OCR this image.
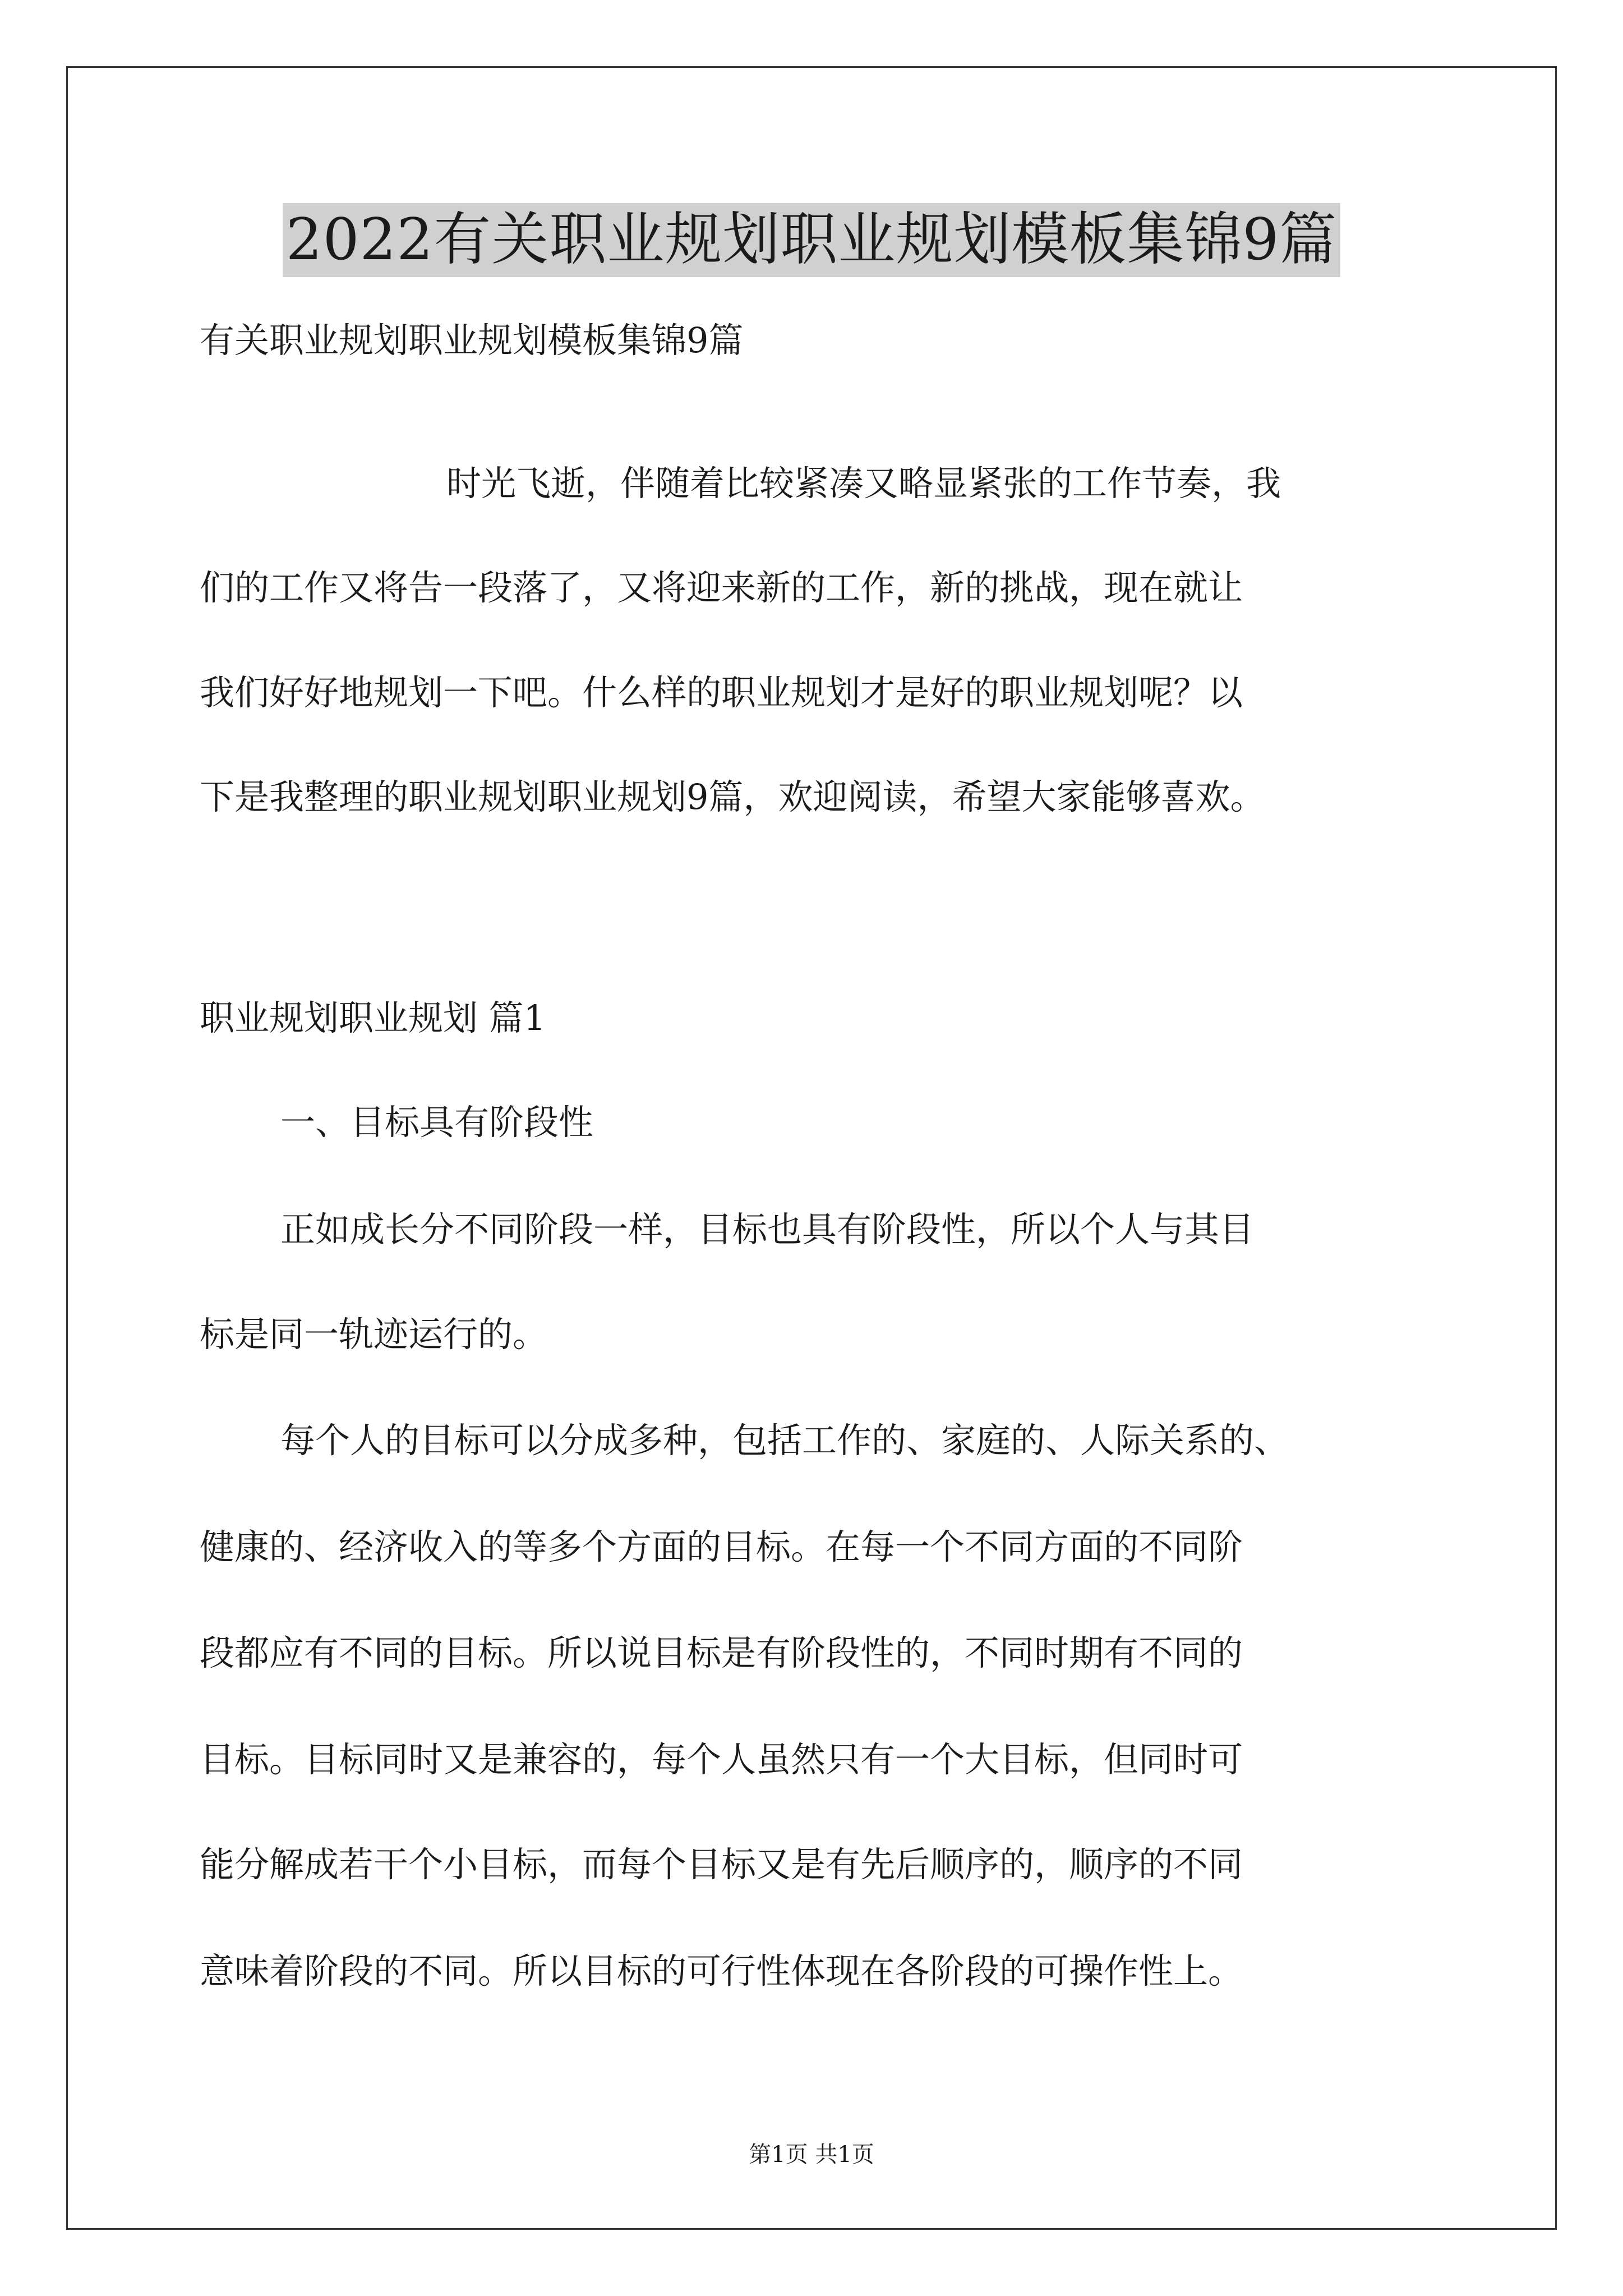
2022有关职业规划职业规划模板集锦9篇
有关职业规划职业规划模板集锦9篇
时光飞逝，伴随着比较紧凑又略显紧张的工作节奏，我
们的工作又将告一段落了，又将迎来新的工作，新的挑战，现在就让
我们好好地规划一下吧。什么样的职业规划才是好的职业规划呢？以
下是我整理的职业规划职业规划9篇，欢迎阅读，希望大家能够喜欢。
职业规划职业规划 篇1
一、目标具有阶段性
正如成长分不同阶段一样，目标也具有阶段性，所以个人与其目
标是同一轨迹运行的。
每个人的目标可以分成多种，包括工作的、家庭的、人际关系的、
健康的、经济收入的等多个方面的目标。在每一个不同方面的不同阶
段都应有不同的目标。所以说目标是有阶段性的，不同时期有不同的
目标。目标同时又是兼容的，每个人虽然只有一个大目标，但同时可
能分解成若干个小目标，而每个目标又是有先后顺序的，顺序的不同
意味着阶段的不同。所以目标的可行性体现在各阶段的可操作性上。
第1页 共1页
